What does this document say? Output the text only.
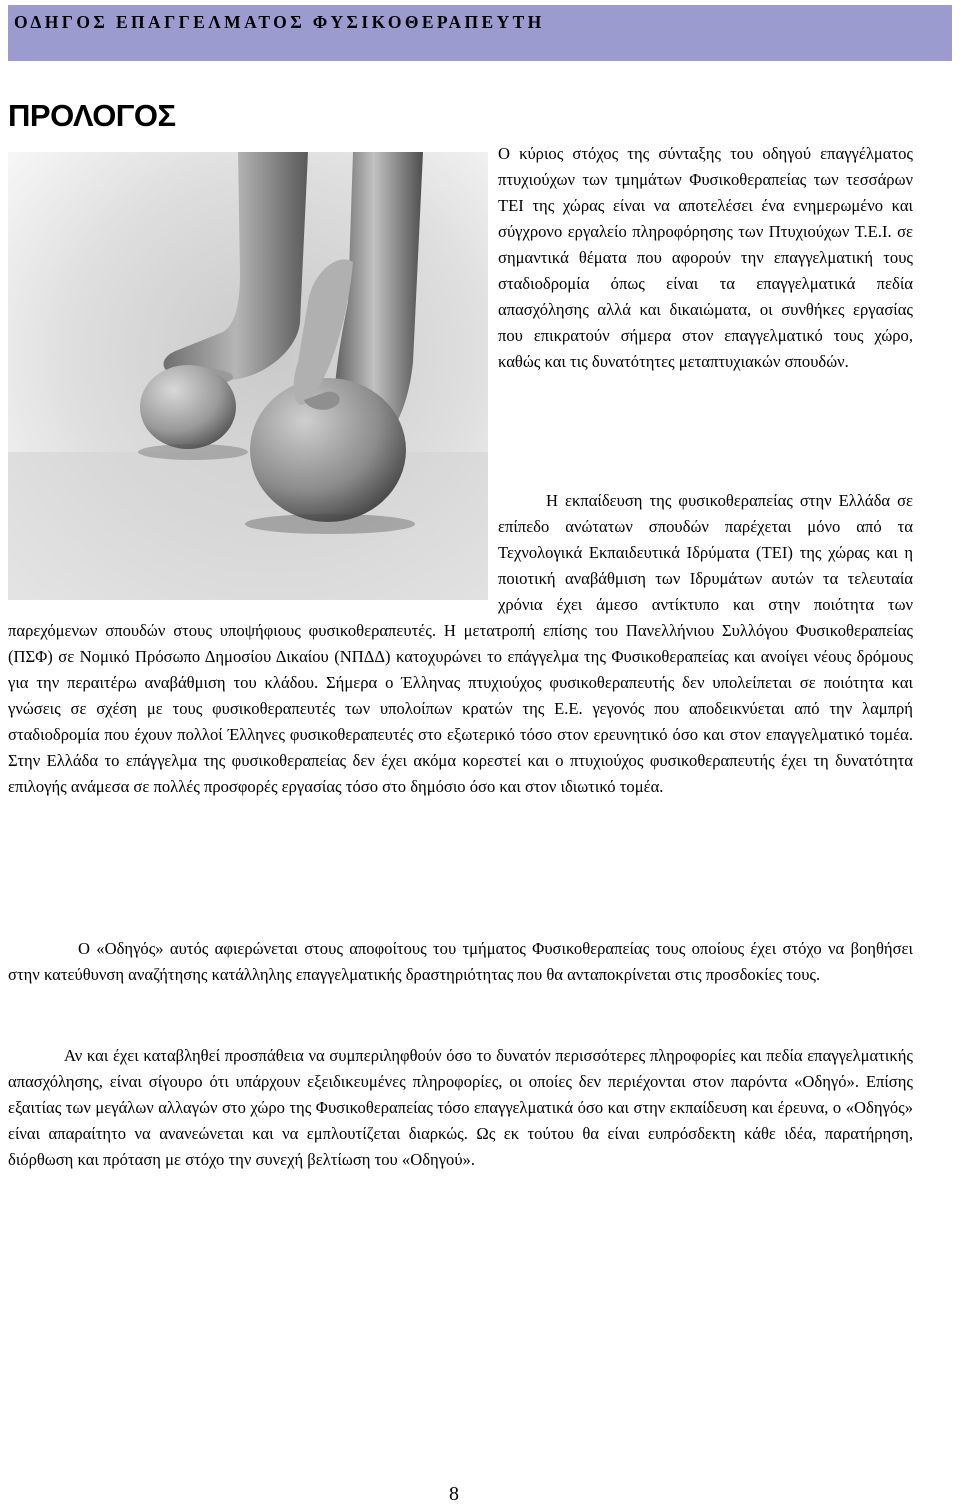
ΟΔΗΓΟΣ ΕΠΑΓΓΕΛΜΑΤΟΣ ΦΥΣΙΚΟΘΕΡΑΠΕΥΤΗ
ΠΡΟΛΟΓΟΣ

Ο κύριος στόχος της σύνταξης του οδηγού επαγγέλματος πτυχιούχων των τμημάτων Φυσικοθεραπείας των τεσσάρων ΤΕΙ της χώρας είναι να αποτελέσει ένα ενημερωμένο και σύγχρονο εργαλείο πληροφόρησης των Πτυχιούχων Τ.Ε.Ι. σε σημαντικά θέματα που αφορούν την επαγγελματική τους σταδιοδρομία όπως είναι τα επαγγελματικά πεδία απασχόλησης αλλά και δικαιώματα, οι συνθήκες εργασίας που επικρατούν σήμερα στον επαγγελματικό τους χώρο, καθώς και τις δυνατότητες μεταπτυχιακών σπουδών.

Η εκπαίδευση της φυσικοθεραπείας στην Ελλάδα σε επίπεδο ανώτατων σπουδών παρέχεται μόνο από τα Τεχνολογικά Εκπαιδευτικά Ιδρύματα (ΤΕΙ) της χώρας και η ποιοτική αναβάθμιση των Ιδρυμάτων αυτών τα τελευταία χρόνια έχει άμεσο αντίκτυπο και στην ποιότητα των παρεχόμενων σπουδών στους υποψήφιους φυσικοθεραπευτές. Η μετατροπή επίσης του Πανελλήνιου Συλλόγου Φυσικοθεραπείας (ΠΣΦ) σε Νομικό Πρόσωπο Δημοσίου Δικαίου (ΝΠΔΔ) κατοχυρώνει το επάγγελμα της Φυσικοθεραπείας και ανοίγει νέους δρόμους για την περαιτέρω αναβάθμιση του κλάδου. Σήμερα ο Έλληνας πτυχιούχος φυσικοθεραπευτής δεν υπολείπεται σε ποιότητα και γνώσεις σε σχέση με τους φυσικοθεραπευτές των υπολοίπων κρατών της Ε.Ε. γεγονός που αποδεικνύεται από την λαμπρή σταδιοδρομία που έχουν πολλοί Έλληνες φυσικοθεραπευτές στο εξωτερικό τόσο στον ερευνητικό όσο και στον επαγγελματικό τομέα. Στην Ελλάδα το επάγγελμα της φυσικοθεραπείας δεν έχει ακόμα κορεστεί και ο πτυχιούχος φυσικοθεραπευτής έχει τη δυνατότητα επιλογής ανάμεσα σε πολλές προσφορές εργασίας τόσο στο δημόσιο όσο και στον ιδιωτικό τομέα.

Ο «Οδηγός» αυτός αφιερώνεται στους αποφοίτους του τμήματος Φυσικοθεραπείας τους οποίους έχει στόχο να βοηθήσει στην κατεύθυνση αναζήτησης κατάλληλης επαγγελματικής δραστηριότητας που θα ανταποκρίνεται στις προσδοκίες τους.

Αν και έχει καταβληθεί προσπάθεια να συμπεριληφθούν όσο το δυνατόν περισσότερες πληροφορίες και πεδία επαγγελματικής απασχόλησης, είναι σίγουρο ότι υπάρχουν εξειδικευμένες πληροφορίες, οι οποίες δεν περιέχονται στον παρόντα «Οδηγό». Επίσης εξαιτίας των μεγάλων αλλαγών στο χώρο της Φυσικοθεραπείας τόσο επαγγελματικά όσο και στην εκπαίδευση και έρευνα, ο «Οδηγός» είναι απαραίτητο να ανανεώνεται και να εμπλουτίζεται διαρκώς. Ως εκ τούτου θα είναι ευπρόσδεκτη κάθε ιδέα, παρατήρηση, διόρθωση και πρόταση με στόχο την συνεχή βελτίωση του «Οδηγού».

8
